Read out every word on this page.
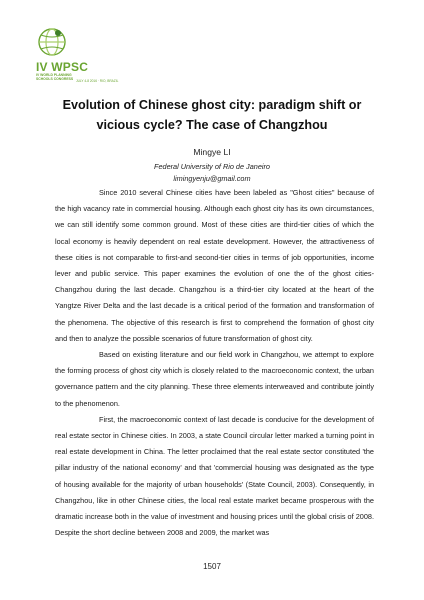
IV WPSC
IV WORLD PLANNING SCHOOLS CONGRESS
JULY 4-8 2016 · RIO, BRAZIL
Evolution of Chinese ghost city: paradigm shift or vicious cycle? The case of Changzhou
Mingye LI
Federal University of Rio de Janeiro
limingyenju@gmail.com

Since 2010 several Chinese cities have been labeled as "Ghost cities" because of the high vacancy rate in commercial housing. Although each ghost city has its own circumstances, we can still identify some common ground. Most of these cities are third-tier cities of which the local economy is heavily dependent on real estate development. However, the attractiveness of these cities is not comparable to first-and second-tier cities in terms of job opportunities, income lever and public service. This paper examines the evolution of one the of the ghost cities-Changzhou during the last decade. Changzhou is a third-tier city located at the heart of the Yangtze River Delta and the last decade is a critical period of the formation and transformation of the phenomena. The objective of this research is first to comprehend the formation of ghost city and then to analyze the possible scenarios of future transformation of ghost city.

Based on existing literature and our field work in Changzhou, we attempt to explore the forming process of ghost city which is closely related to the macroeconomic context, the urban governance pattern and the city planning. These three elements interweaved and contribute jointly to the phenomenon.

First, the macroeconomic context of last decade is conducive for the development of real estate sector in Chinese cities. In 2003, a state Council circular letter marked a turning point in real estate development in China. The letter proclaimed that the real estate sector constituted 'the pillar industry of the national economy' and that 'commercial housing was designated as the type of housing available for the majority of urban households' (State Council, 2003). Consequently, in Changzhou, like in other Chinese cities, the local real estate market became prosperous with the dramatic increase both in the value of investment and housing prices until the global crisis of 2008. Despite the short decline between 2008 and 2009, the market was

1507
